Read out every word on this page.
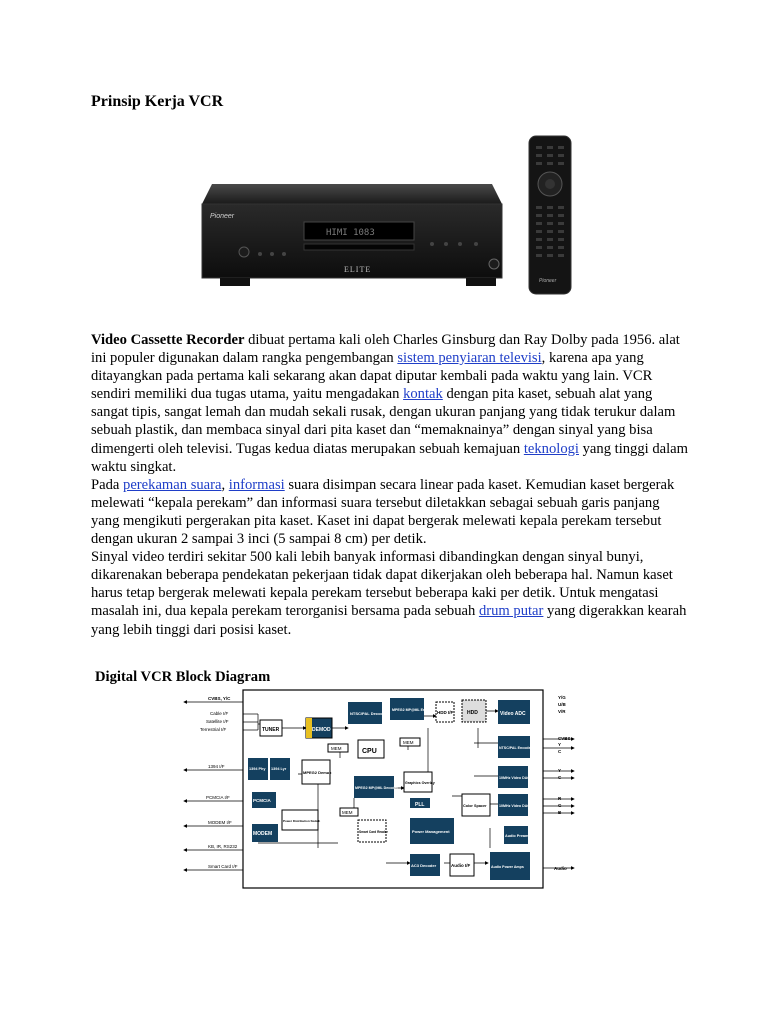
Prinsip Kerja VCR
HIMI 1083
Pioneer
ELITE
Pioneer

Video Cassette Recorder dibuat pertama kali oleh Charles Ginsburg dan Ray Dolby pada 1956. alat ini populer digunakan dalam rangka pengembangan sistem penyiaran televisi, karena apa yang ditayangkan pada pertama kali sekarang akan dapat diputar kembali pada waktu yang lain. VCR sendiri memiliki dua tugas utama, yaitu mengadakan kontak dengan pita kaset, sebuah alat yang sangat tipis, sangat lemah dan mudah sekali rusak, dengan ukuran panjang yang tidak terukur dalam sebuah plastik, dan membaca sinyal dari pita kaset dan “memaknainya” dengan sinyal yang bisa dimengerti oleh televisi. Tugas kedua diatas merupakan sebuah kemajuan teknologi yang tinggi dalam waktu singkat.
Pada perekaman suara, informasi suara disimpan secara linear pada kaset. Kemudian kaset bergerak melewati “kepala perekam” dan informasi suara tersebut diletakkan sebagai sebuah garis panjang yang mengikuti pergerakan pita kaset. Kaset ini dapat bergerak melewati kepala perekam tersebut dengan ukuran 2 sampai 3 inci (5 sampai 8 cm) per detik.
Sinyal video terdiri sekitar 500 kali lebih banyak informasi dibandingkan dengan sinyal bunyi, dikarenakan beberapa pendekatan pekerjaan tidak dapat dikerjakan oleh beberapa hal. Namun kaset harus tetap bergerak melewati kepala perekam tersebut beberapa kaki per detik. Untuk mengatasi masalah ini, dua kepala perekam terorganisi bersama pada sebuah drum putar yang digerakkan kearah yang lebih tinggi dari posisi kaset.

Digital VCR Block Diagram
CVBS, Y/C
Cable I/F
Satellite I/F
Terrestrial I/F
1394 I/F
PCMCIA I/F
MODEM I/F
KB, IR, RS232
Smart Card I/F
TUNER	DEMOD
NTSC/PAL Decoder
MPEG2 MP@ML Encoder HDD I/F	HDD	Video ADC
CPU
MEM
MEM
MEM
1394 Phy 1394 Lyr
MPEG2 Demux
MPEG2 MP@ML Decoder
Graphics Overlay
PLL
PCMCIA
MODEM
Power Distribution Switch
Smart Card Reader	Power Management
AC3 Decoder	Audio I/F
NTSC/PAL Encoder
10MHz Video DAC
Color Spacer	10MHz Video DAC
Audio Preamp
Audio Power Amps
Y/G
U/B
V/R
CVBS
Y
C
Y
C
R
G
B
Audio
